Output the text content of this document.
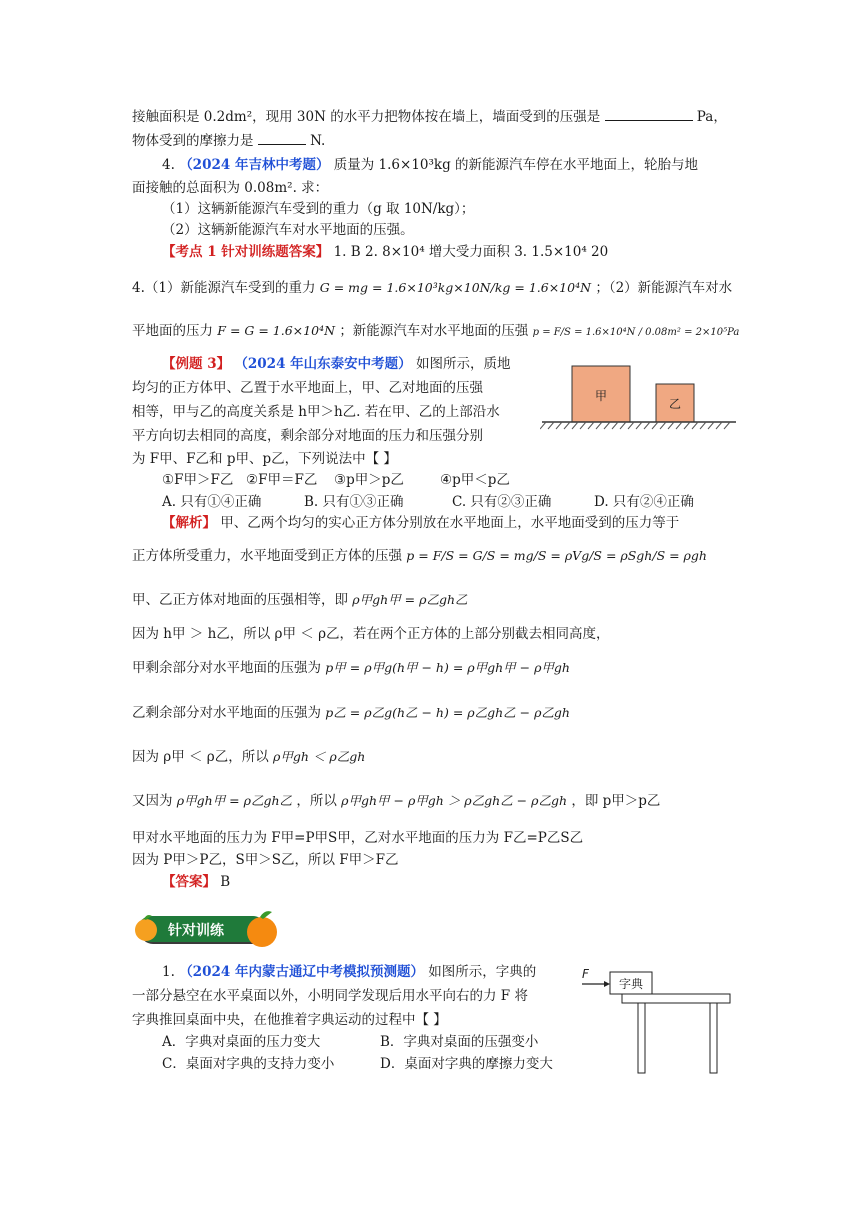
接触面积是 0.2dm²，现用 30N 的水平力把物体按在墙上，墙面受到的压强是	Pa，
物体受到的摩擦力是	N.
4. （2024 年吉林中考题） 质量为 1.6×10³kg 的新能源汽车停在水平地面上，轮胎与地
面接触的总面积为 0.08m². 求：
（1）这辆新能源汽车受到的重力（g 取 10N/kg）；
（2）这辆新能源汽车对水平地面的压强。
【考点 1 针对训练题答案】 1. B 2. 8×10⁴ 增大受力面积 3. 1.5×10⁴ 20
4.（1）新能源汽车受到的重力 G = mg = 1.6×10³kg×10N/kg = 1.6×10⁴N ；（2）新能源汽车对水
平地面的压力 F = G = 1.6×10⁴N ；新能源汽车对水平地面的压强 p = F/S = 1.6×10⁴N / 0.08m² = 2×10⁵Pa
【例题 3】 （2024 年山东泰安中考题） 如图所示，质地
均匀的正方体甲、乙置于水平地面上，甲、乙对地面的压强
相等，甲与乙的高度关系是 h甲＞h乙. 若在甲、乙的上部沿水
平方向切去相同的高度，剩余部分对地面的压力和压强分别
为 F甲、F乙和 p甲、p乙，下列说法中【 】
①F甲＞F乙 ②F甲＝F乙 ③p甲＞p乙	④p甲＜p乙
A. 只有①④正确	B. 只有①③正确	C. 只有②③正确	D. 只有②④正确
甲
乙
【解析】 甲、乙两个均匀的实心正方体分别放在水平地面上，水平地面受到的压力等于
正方体所受重力，水平地面受到正方体的压强 p = F/S = G/S = mg/S = ρVg/S = ρSgh/S = ρgh
甲、乙正方体对地面的压强相等，即 ρ甲gh甲 = ρ乙gh乙
因为 h甲 ＞ h乙，所以 ρ甲 ＜ ρ乙，若在两个正方体的上部分别截去相同高度，
甲剩余部分对水平地面的压强为 p甲 = ρ甲g(h甲 − h) = ρ甲gh甲 − ρ甲gh
乙剩余部分对水平地面的压强为 p乙 = ρ乙g(h乙 − h) = ρ乙gh乙 − ρ乙gh
因为 ρ甲 ＜ ρ乙，所以 ρ甲gh ＜ ρ乙gh
又因为 ρ甲gh甲 = ρ乙gh乙 ，所以 ρ甲gh甲 − ρ甲gh ＞ ρ乙gh乙 − ρ乙gh ，即 p甲＞p乙
甲对水平地面的压力为 F甲=P甲S甲，乙对水平地面的压力为 F乙=P乙S乙
因为 P甲＞P乙，S甲＞S乙，所以 F甲＞F乙
【答案】 B
针对训练
1. （2024 年内蒙古通辽中考模拟预测题） 如图所示，字典的
一部分悬空在水平桌面以外，小明同学发现后用水平向右的力 F 将
字典推回桌面中央，在他推着字典运动的过程中【 】
A．字典对桌面的压力变大	B．字典对桌面的压强变小
C．桌面对字典的支持力变小	D．桌面对字典的摩擦力变大
F
字典
